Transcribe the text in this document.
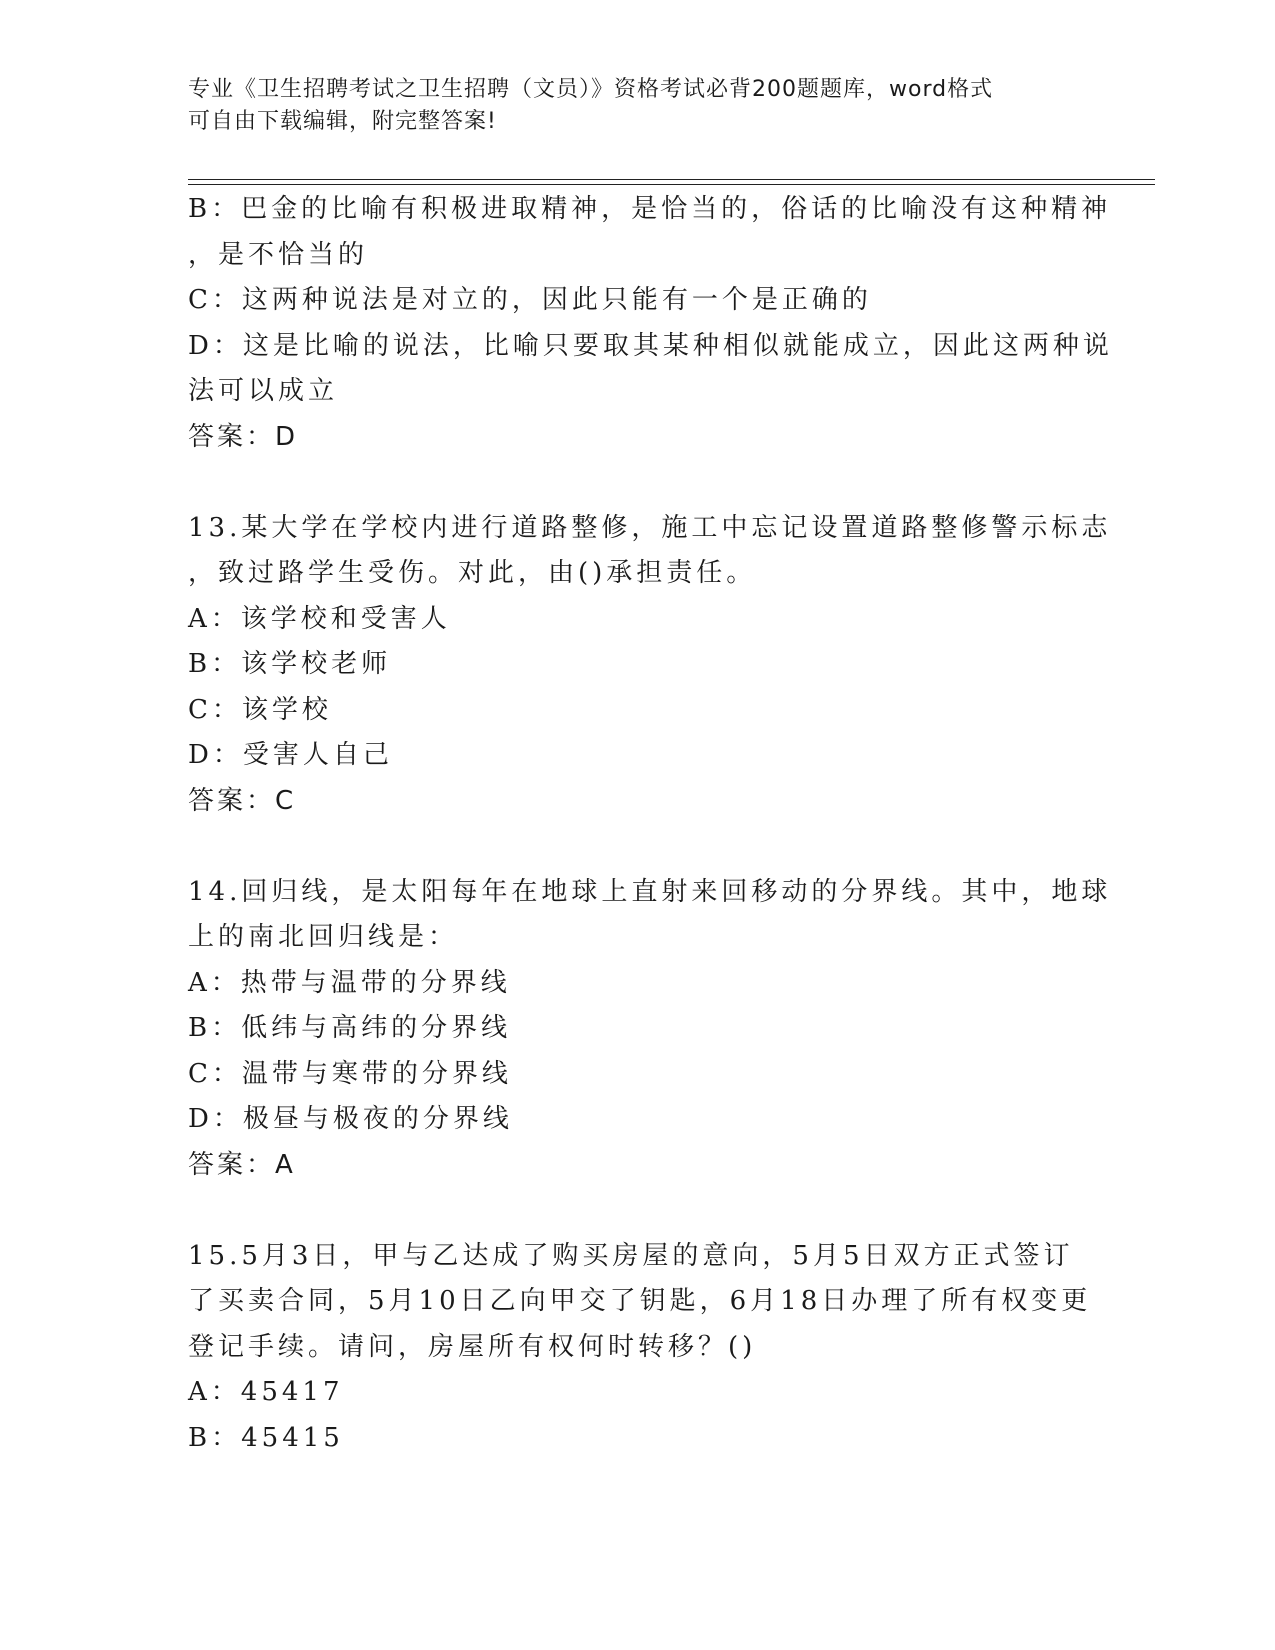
专业《卫生招聘考试之卫生招聘（文员）》资格考试必背200题题库，word格式
可自由下载编辑，附完整答案!
B：巴金的比喻有积极进取精神，是恰当的，俗话的比喻没有这种精神
，是不恰当的
C：这两种说法是对立的，因此只能有一个是正确的
D：这是比喻的说法，比喻只要取其某种相似就能成立，因此这两种说
法可以成立
答案：D
13.某大学在学校内进行道路整修，施工中忘记设置道路整修警示标志
，致过路学生受伤。对此，由()承担责任。
A：该学校和受害人
B：该学校老师
C：该学校
D：受害人自己
答案：C
14.回归线，是太阳每年在地球上直射来回移动的分界线。其中，地球
上的南北回归线是：
A：热带与温带的分界线
B：低纬与高纬的分界线
C：温带与寒带的分界线
D：极昼与极夜的分界线
答案：A
15.5月3日，甲与乙达成了购买房屋的意向，5月5日双方正式签订
了买卖合同，5月10日乙向甲交了钥匙，6月18日办理了所有权变更
登记手续。请问，房屋所有权何时转移？()
A：45417
B：45415
